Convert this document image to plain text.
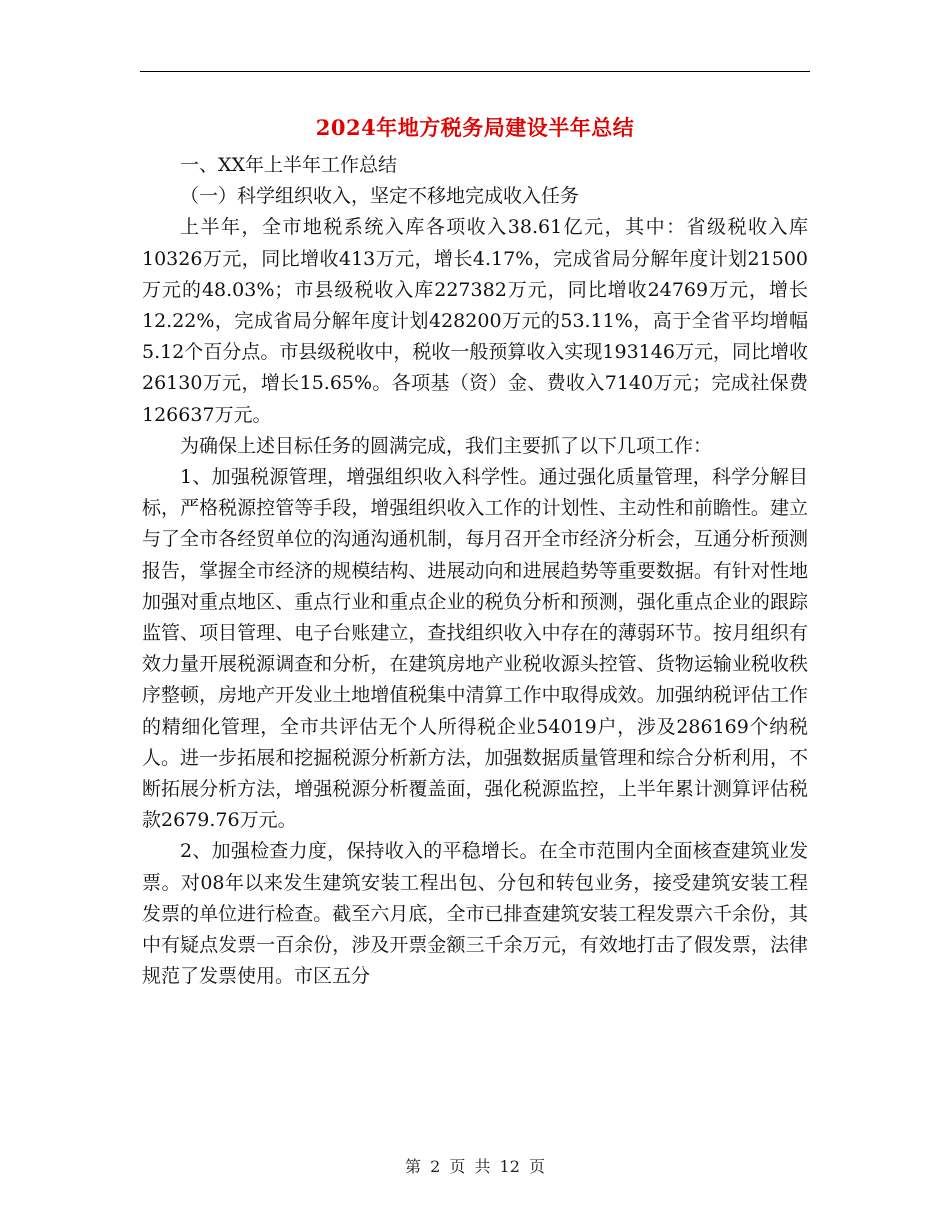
2024年地方税务局建设半年总结

一、XX年上半年工作总结

（一）科学组织收入，坚定不移地完成收入任务

上半年，全市地税系统入库各项收入38.61亿元，其中：省级税收入库10326万元，同比增收413万元，增长4.17%，完成省局分解年度计划21500万元的48.03%；市县级税收入库227382万元，同比增收24769万元，增长12.22%，完成省局分解年度计划428200万元的53.11%，高于全省平均增幅5.12个百分点。市县级税收中，税收一般预算收入实现193146万元，同比增收26130万元，增长15.65%。各项基（资）金、费收入7140万元；完成社保费126637万元。

为确保上述目标任务的圆满完成，我们主要抓了以下几项工作：

1、加强税源管理，增强组织收入科学性。通过强化质量管理，科学分解目标，严格税源控管等手段，增强组织收入工作的计划性、主动性和前瞻性。建立与了全市各经贸单位的沟通沟通机制，每月召开全市经济分析会，互通分析预测报告，掌握全市经济的规模结构、进展动向和进展趋势等重要数据。有针对性地加强对重点地区、重点行业和重点企业的税负分析和预测，强化重点企业的跟踪监管、项目管理、电子台账建立，查找组织收入中存在的薄弱环节。按月组织有效力量开展税源调查和分析，在建筑房地产业税收源头控管、货物运输业税收秩序整顿，房地产开发业土地增值税集中清算工作中取得成效。加强纳税评估工作的精细化管理，全市共评估无个人所得税企业54019户，涉及286169个纳税人。进一步拓展和挖掘税源分析新方法，加强数据质量管理和综合分析利用，不断拓展分析方法，增强税源分析覆盖面，强化税源监控，上半年累计测算评估税款2679.76万元。

2、加强检查力度，保持收入的平稳增长。在全市范围内全面核查建筑业发票。对08年以来发生建筑安装工程出包、分包和转包业务，接受建筑安装工程发票的单位进行检查。截至六月底，全市已排查建筑安装工程发票六千余份，其中有疑点发票一百余份，涉及开票金额三千余万元，有效地打击了假发票，法律规范了发票使用。市区五分

第 2 页 共 12 页
